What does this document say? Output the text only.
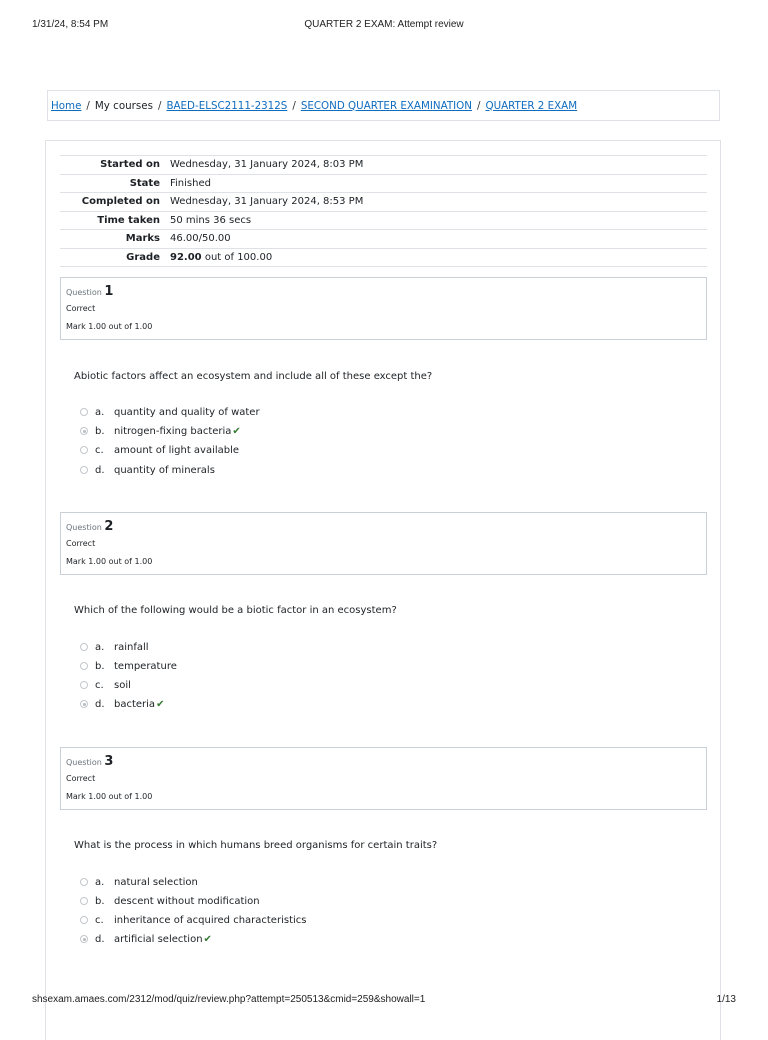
1/31/24, 8:54 PM	QUARTER 2 EXAM: Attempt review
Home / My courses / BAED-ELSC2111-2312S / SECOND QUARTER EXAMINATION / QUARTER 2 EXAM
Started on	Wednesday, 31 January 2024, 8:03 PM
State	Finished
Completed on	Wednesday, 31 January 2024, 8:53 PM
Time taken	50 mins 36 secs
Marks	46.00/50.00
Grade	92.00 out of 100.00
Question 1
Correct
Mark 1.00 out of 1.00
Abiotic factors affect an ecosystem and include all of these except the?
a. quantity and quality of water
b. nitrogen-fixing bacteria ✔
c.	amount of light available
d. quantity of minerals
Question 2
Correct
Mark 1.00 out of 1.00
Which of the following would be a biotic factor in an ecosystem?
a. rainfall
b. temperature
c.	soil
d. bacteria ✔
Question 3
Correct
Mark 1.00 out of 1.00
What is the process in which humans breed organisms for certain traits?
a. natural selection
b. descent without modification
c.	inheritance of acquired characteristics
d. artificial selection ✔
shsexam.amaes.com/2312/mod/quiz/review.php?attempt=250513&cmid=259&showall=1	1/13
